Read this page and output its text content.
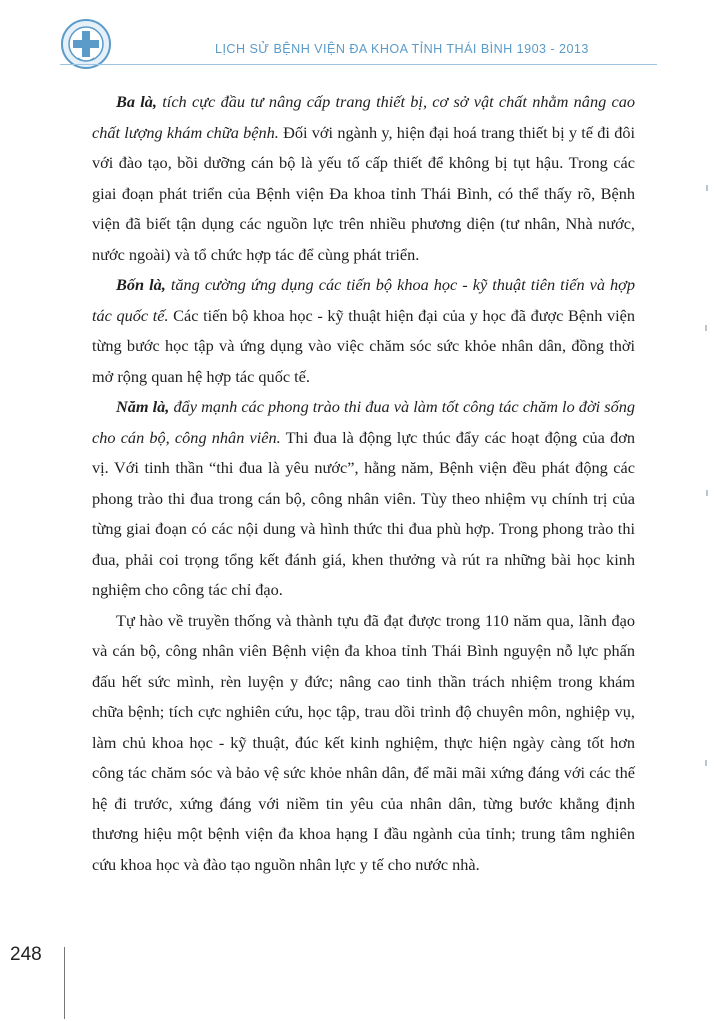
LỊCH SỬ BỆNH VIỆN ĐA KHOA TỈNH THÁI BÌNH 1903 - 2013

Ba là, tích cực đầu tư nâng cấp trang thiết bị, cơ sở vật chất nhằm nâng cao chất lượng khám chữa bệnh. Đối với ngành y, hiện đại hoá trang thiết bị y tế đi đôi với đào tạo, bồi dưỡng cán bộ là yếu tố cấp thiết để không bị tụt hậu. Trong các giai đoạn phát triển của Bệnh viện Đa khoa tỉnh Thái Bình, có thể thấy rõ, Bệnh viện đã biết tận dụng các nguồn lực trên nhiều phương diện (tư nhân, Nhà nước, nước ngoài) và tổ chức hợp tác để cùng phát triển.

Bốn là, tăng cường ứng dụng các tiến bộ khoa học - kỹ thuật tiên tiến và hợp tác quốc tế. Các tiến bộ khoa học - kỹ thuật hiện đại của y học đã được Bệnh viện từng bước học tập và ứng dụng vào việc chăm sóc sức khỏe nhân dân, đồng thời mở rộng quan hệ hợp tác quốc tế.

Năm là, đẩy mạnh các phong trào thi đua và làm tốt công tác chăm lo đời sống cho cán bộ, công nhân viên. Thi đua là động lực thúc đẩy các hoạt động của đơn vị. Với tinh thần “thi đua là yêu nước”, hằng năm, Bệnh viện đều phát động các phong trào thi đua trong cán bộ, công nhân viên. Tùy theo nhiệm vụ chính trị của từng giai đoạn có các nội dung và hình thức thi đua phù hợp. Trong phong trào thi đua, phải coi trọng tổng kết đánh giá, khen thưởng và rút ra những bài học kinh nghiệm cho công tác chỉ đạo.

Tự hào về truyền thống và thành tựu đã đạt được trong 110 năm qua, lãnh đạo và cán bộ, công nhân viên Bệnh viện đa khoa tỉnh Thái Bình nguyện nỗ lực phấn đấu hết sức mình, rèn luyện y đức; nâng cao tinh thần trách nhiệm trong khám chữa bệnh; tích cực nghiên cứu, học tập, trau dồi trình độ chuyên môn, nghiệp vụ, làm chủ khoa học - kỹ thuật, đúc kết kinh nghiệm, thực hiện ngày càng tốt hơn công tác chăm sóc và bảo vệ sức khỏe nhân dân, để mãi mãi xứng đáng với các thế hệ đi trước, xứng đáng với niềm tin yêu của nhân dân, từng bước khẳng định thương hiệu một bệnh viện đa khoa hạng I đầu ngành của tỉnh; trung tâm nghiên cứu khoa học và đào tạo nguồn nhân lực y tế cho nước nhà.

248
